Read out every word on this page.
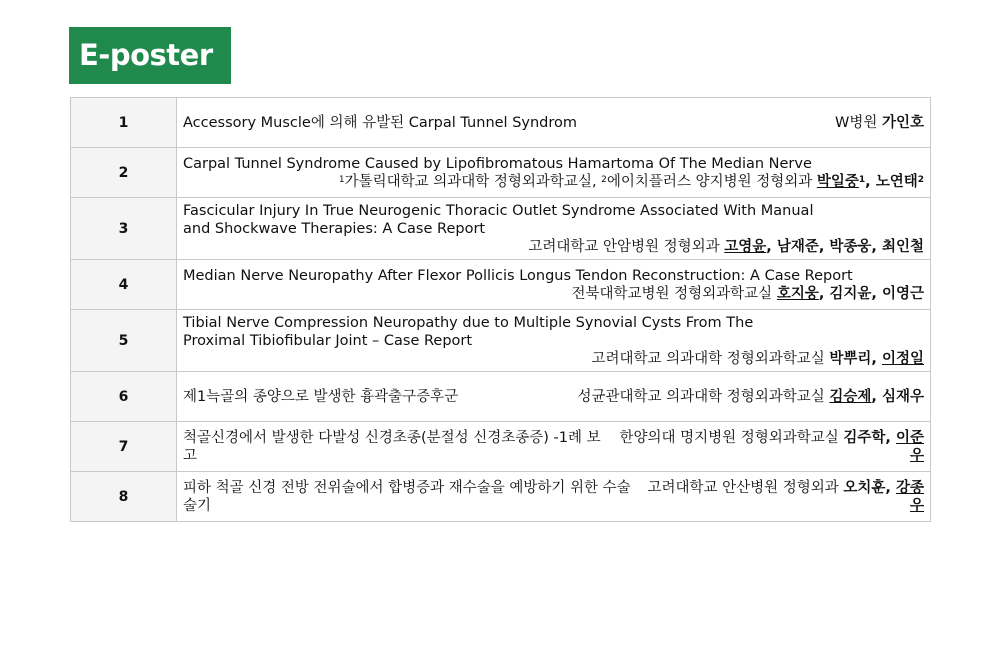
E-poster
1	Accessory Muscle에 의해 유발된 Carpal Tunnel Syndrom W병원 가인호

2	Carpal Tunnel Syndrome Caused by Lipofibromatous Hamartoma Of The Median Nerve
$^1$가톨릭대학교 의과대학 정형외과학교실, $^2$에이치플러스 양지병원 정형외과 박일중$^1$, 노연태$^2$

3	Fascicular Injury In True Neurogenic Thoracic Outlet Syndrome Associated With Manual
and Shockwave Therapies: A Case Report
고려대학교 안암병원 정형외과 고영윤, 남재준, 박종웅, 최인철

4	Median Nerve Neuropathy After Flexor Pollicis Longus Tendon Reconstruction: A Case Report
전북대학교병원 정형외과학교실 호지웅, 김지윤, 이영근

5	Tibial Nerve Compression Neuropathy due to Multiple Synovial Cysts From The
Proximal Tibiofibular Joint – Case Report
고려대학교 의과대학 정형외과학교실 박뿌리, 이정일

6	제1늑골의 종양으로 발생한 흉곽출구증후군 성균관대학교 의과대학 정형외과학교실 김승제, 심재우

7	척골신경에서 발생한 다발성 신경초종(분절성 신경초종증) -1례 보고
한양의대 명지병원 정형외과학교실 김주학, 이준우

8	피하 척골 신경 전방 전위술에서 합병증과 재수술을 예방하기 위한 수술 술기
고려대학교 안산병원 정형외과 오치훈, 강종우
